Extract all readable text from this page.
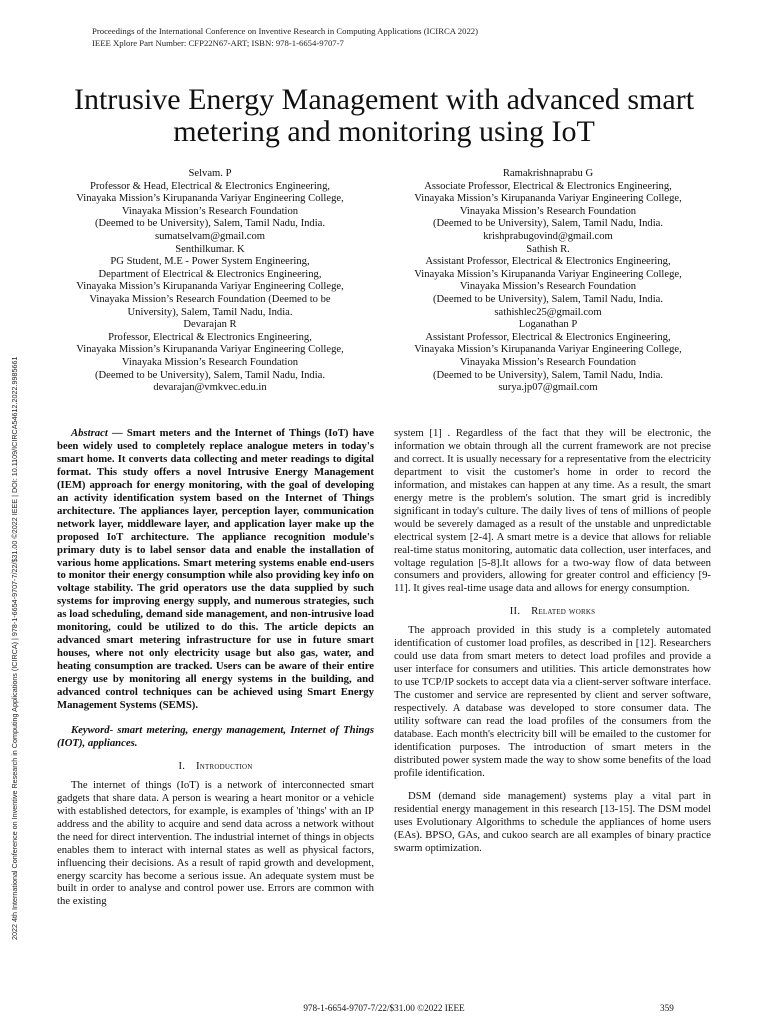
Proceedings of the International Conference on Inventive Research in Computing Applications (ICIRCA 2022)
IEEE Xplore Part Number: CFP22N67-ART; ISBN: 978-1-6654-9707-7
Intrusive Energy Management with advanced smart metering and monitoring using IoT

Selvam. P

Professor & Head, Electrical & Electronics Engineering,

Vinayaka Mission’s Kirupananda Variyar Engineering College,

Vinayaka Mission’s Research Foundation

(Deemed to be University), Salem, Tamil Nadu, India.

sumatselvam@gmail.com

Senthilkumar. K

PG Student, M.E - Power System Engineering,

Department of Electrical & Electronics Engineering,

Vinayaka Mission’s Kirupananda Variyar Engineering College,

Vinayaka Mission’s Research Foundation (Deemed to be

University), Salem, Tamil Nadu, India.

Devarajan R

Professor, Electrical & Electronics Engineering,

Vinayaka Mission’s Kirupananda Variyar Engineering College,

Vinayaka Mission’s Research Foundation

(Deemed to be University), Salem, Tamil Nadu, India.

devarajan@vmkvec.edu.in

Ramakrishnaprabu G

Associate Professor, Electrical & Electronics Engineering,

Vinayaka Mission’s Kirupananda Variyar Engineering College,

Vinayaka Mission’s Research Foundation

(Deemed to be University), Salem, Tamil Nadu, India.

krishprabugovind@gmail.com

Sathish R.

Assistant Professor, Electrical & Electronics Engineering,

Vinayaka Mission’s Kirupananda Variyar Engineering College,

Vinayaka Mission’s Research Foundation

(Deemed to be University), Salem, Tamil Nadu, India.

sathishlec25@gmail.com

Loganathan P

Assistant Professor, Electrical & Electronics Engineering,

Vinayaka Mission’s Kirupananda Variyar Engineering College,

Vinayaka Mission’s Research Foundation

(Deemed to be University), Salem, Tamil Nadu, India.

surya.jp07@gmail.com

2022 4th International Conference on Inventive Research in Computing Applications (ICIRCA) | 978-1-6654-9707-7/22/$31.00 ©2022 IEEE | DOI: 10.1109/ICIRCA54612.2022.9985661	Abstract — Smart meters and the Internet of Things (IoT) have been widely used to completely replace analogue meters in today's smart home. It converts data collecting and meter readings to digital format. This study offers a novel Intrusive Energy Management (IEM) approach for energy monitoring, with the goal of developing an activity identification system based on the Internet of Things architecture. The appliances layer, perception layer, communication network layer, middleware layer, and application layer make up the proposed IoT architecture. The appliance recognition module's primary duty is to label sensor data and enable the installation of various home applications. Smart metering systems enable end-users to monitor their energy consumption while also providing key info on voltage stability. The grid operators use the data supplied by such systems for improving energy supply, and numerous strategies, such as load scheduling, demand side management, and non-intrusive load monitoring, could be utilized to do this. The article depicts an advanced smart metering infrastructure for use in future smart houses, where not only electricity usage but also gas, water, and heating consumption are tracked. Users can be aware of their entire energy use by monitoring all energy systems in the building, and advanced control techniques can be achieved using Smart Energy Management Systems (SEMS).

Keyword- smart metering, energy management, Internet of Things (IOT), appliances.

I. Introduction

The internet of things (IoT) is a network of interconnected smart gadgets that share data. A person is wearing a heart monitor or a vehicle with established detectors, for example, is examples of 'things' with an IP address and the ability to acquire and send data across a network without the need for direct intervention. The industrial internet of things in objects enables them to interact with internal states as well as physical factors, influencing their decisions. As a result of rapid growth and development, energy scarcity has become a serious issue. An adequate system must be built in order to analyse and control power use. Errors are common with the existing

system [1] . Regardless of the fact that they will be electronic, the information we obtain through all the current framework are not precise and correct. It is usually necessary for a representative from the electricity department to visit the customer's home in order to record the information, and mistakes can happen at any time. As a result, the smart energy metre is the problem's solution. The smart grid is incredibly significant in today's culture. The daily lives of tens of millions of people would be severely damaged as a result of the unstable and unpredictable electrical system [2-4]. A smart metre is a device that allows for reliable real-time status monitoring, automatic data collection, user interfaces, and voltage regulation [5-8].It allows for a two-way flow of data between consumers and providers, allowing for greater control and efficiency [9-11]. It gives real-time usage data and allows for energy consumption.

II. Related works

The approach provided in this study is a completely automated identification of customer load profiles, as described in [12]. Researchers could use data from smart meters to detect load profiles and provide a user interface for consumers and utilities. This article demonstrates how to use TCP/IP sockets to accept data via a client-server software interface. The customer and service are represented by client and server software, respectively. A database was developed to store consumer data. The utility software can read the load profiles of the consumers from the database. Each month's electricity bill will be emailed to the customer for identification purposes. The introduction of smart meters in the distributed power system made the way to show some benefits of the load profile identification.

DSM (demand side management) systems play a vital part in residential energy management in this research [13-15]. The DSM model uses Evolutionary Algorithms to schedule the appliances of home users (EAs). BPSO, GAs, and cukoo search are all examples of binary practice swarm optimization.

978-1-6654-9707-7/22/$31.00 ©2022 IEEE	359
